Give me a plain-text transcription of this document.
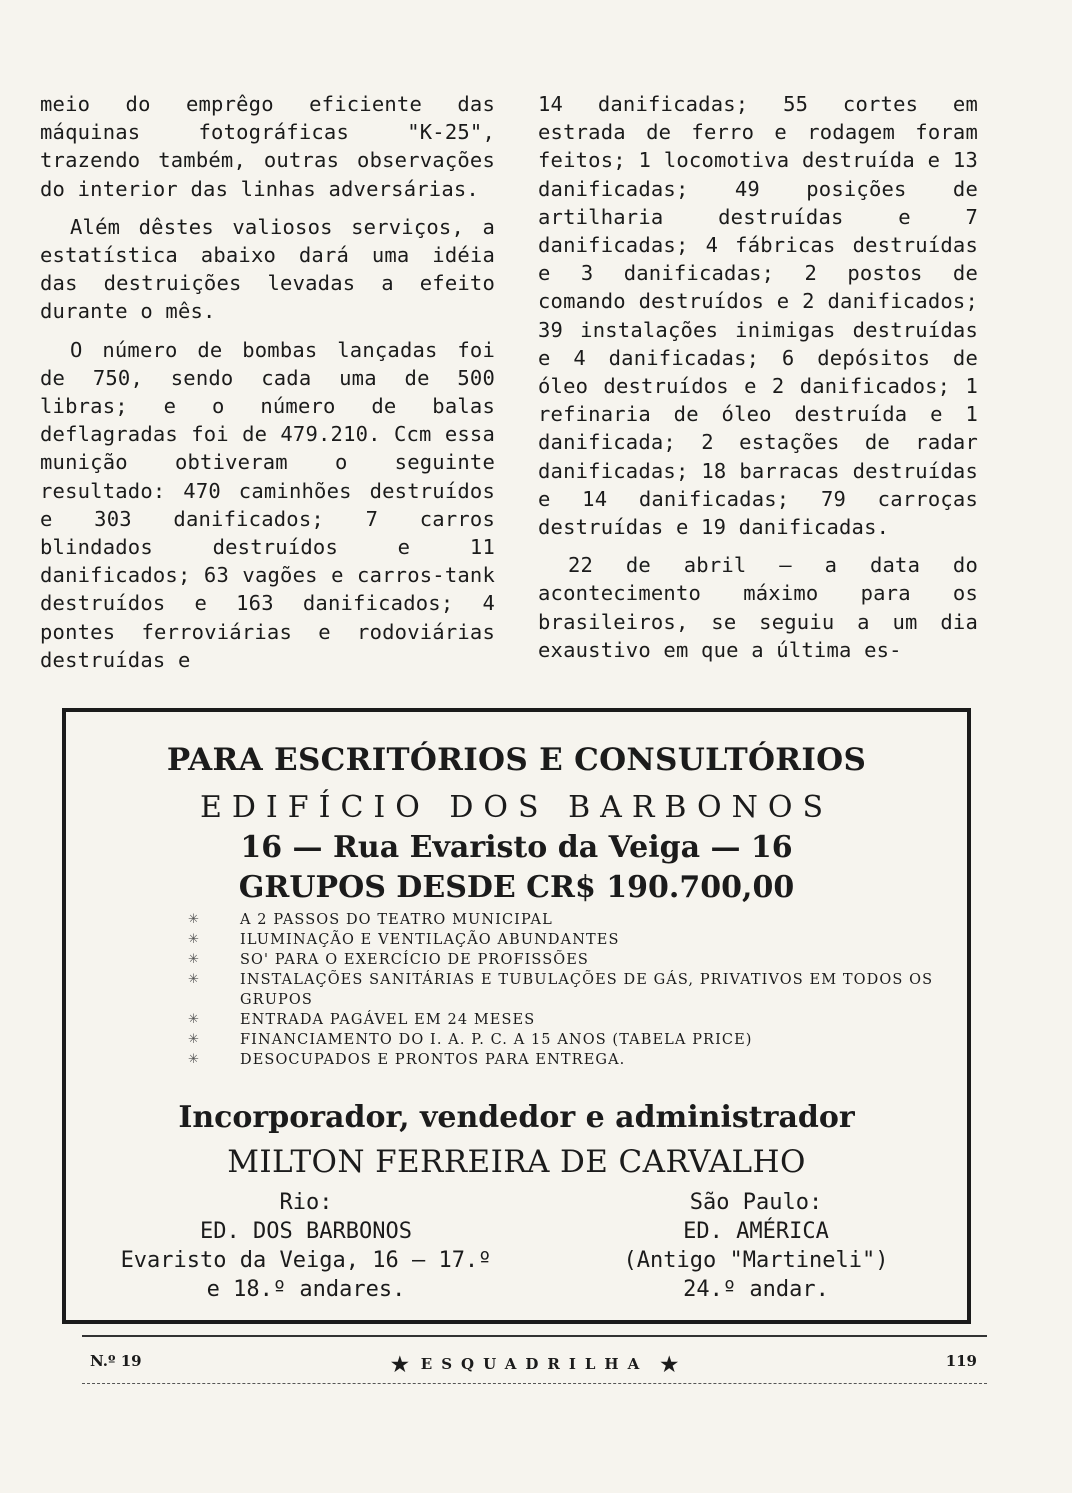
meio do emprêgo eficiente das máquinas fotográficas "K-25", trazendo também, outras observações do interior das linhas adversárias.

Além dêstes valiosos serviços, a estatística abaixo dará uma idéia das destruições levadas a efeito durante o mês.

O número de bombas lançadas foi de 750, sendo cada uma de 500 libras; e o número de balas deflagradas foi de 479.210. Ccm essa munição obtiveram o seguinte resultado: 470 caminhões destruídos e 303 danificados; 7 carros blindados destruídos e 11 danificados; 63 vagões e carros-tank destruídos e 163 danificados; 4 pontes ferroviárias e rodoviárias destruídas e

14 danificadas; 55 cortes em estrada de ferro e rodagem foram feitos; 1 locomotiva destruída e 13 danificadas; 49 posições de artilharia destruídas e 7 danificadas; 4 fábricas destruídas e 3 danificadas; 2 postos de comando destruídos e 2 danificados; 39 instalações inimigas destruídas e 4 danificadas; 6 depósitos de óleo destruídos e 2 danificados; 1 refinaria de óleo destruída e 1 danificada; 2 estações de radar danificadas; 18 barracas destruídas e 14 danificadas; 79 carroças destruídas e 19 danificadas.

22 de abril — a data do acontecimento máximo para os brasileiros, se seguiu a um dia exaustivo em que a última es-

PARA ESCRITÓRIOS E CONSULTÓRIOS
EDIFÍCIO DOS BARBONOS
16 — Rua Evaristo da Veiga — 16
GRUPOS DESDE CR$ 190.700,00
✳	A 2 PASSOS DO TEATRO MUNICIPAL
✳	ILUMINAÇÃO E VENTILAÇÃO ABUNDANTES
✳	SO' PARA O EXERCÍCIO DE PROFISSÕES
✳	INSTALAÇÕES SANITÁRIAS E TUBULAÇÕES DE GÁS, PRIVATIVOS EM TODOS OS GRUPOS
✳	ENTRADA PAGÁVEL EM 24 MESES
✳	FINANCIAMENTO DO I. A. P. C. A 15 ANOS (TABELA PRICE)
✳	DESOCUPADOS E PRONTOS PARA ENTREGA.
Incorporador, vendedor e administrador
MILTON FERREIRA DE CARVALHO
Rio:
ED. DOS BARBONOS
Evaristo da Veiga, 16 — 17.º
e 18.º andares.
São Paulo:
ED. AMÉRICA
(Antigo "Martineli")
24.º andar.
N.º 19	★ ESQUADRILHA ★	119
